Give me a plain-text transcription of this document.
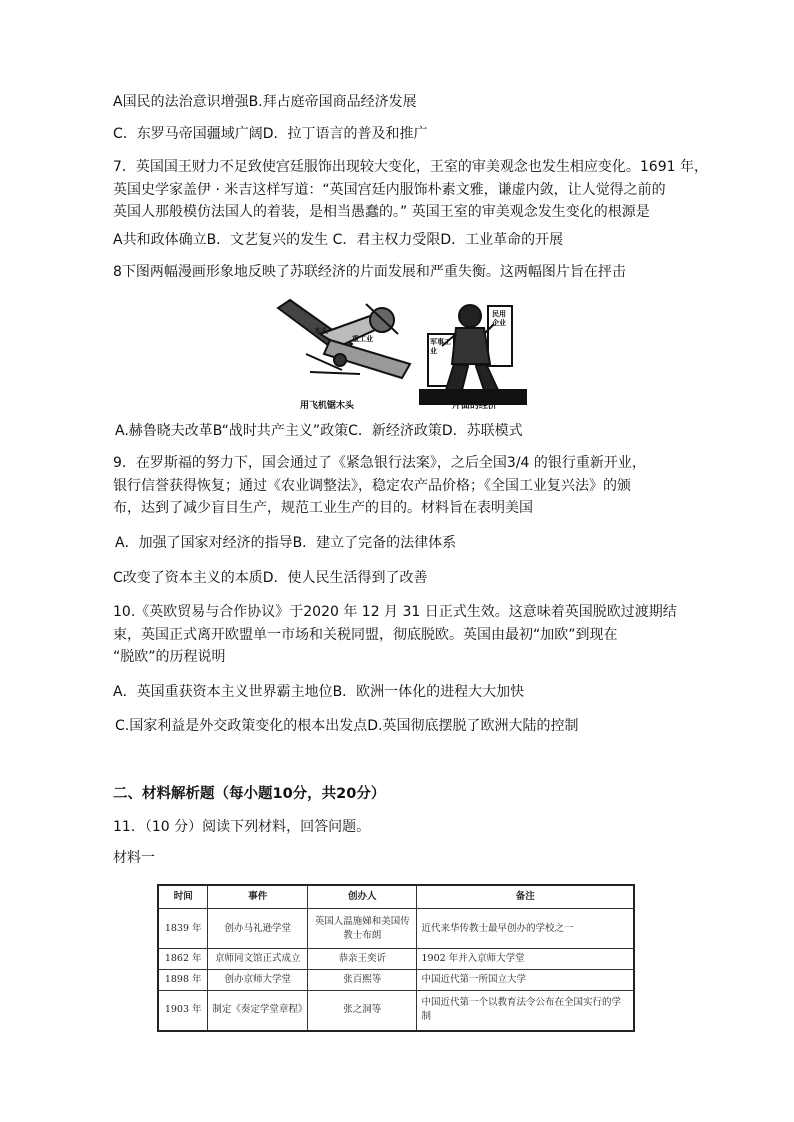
A国民的法治意识增强B.拜占庭帝国商品经济发展
C．东罗马帝国疆域广阔D．拉丁语言的普及和推广
7．英国国王财力不足致使宫廷服饰出现较大变化，王室的审美观念也发生相应变化。1691 年，
英国史学家盖伊 · 米吉这样写道：“英国宫廷内服饰朴素文雅，谦虚内敛，让人觉得之前的
英国人那般模仿法国人的着装，是相当愚蠢的。” 英国王室的审美观念发生变化的根源是
A共和政体确立B．文艺复兴的发生 C．君主权力受限D．工业革命的开展
8下图两幅漫画形象地反映了苏联经济的片面发展和严重失衡。这两幅图片旨在抨击
用飞机锯木头	片面的经济
木头
重工业	军事工业
民用企业
A.赫鲁晓夫改革B“战时共产主义”政策C．新经济政策D．苏联模式
9．在罗斯福的努力下，国会通过了《紧急银行法案》，之后全国3/4 的银行重新开业，
银行信誉获得恢复；通过《农业调整法》，稳定农产品价格；《全国工业复兴法》的颁
布，达到了减少盲目生产，规范工业生产的目的。材料旨在表明美国
A．加强了国家对经济的指导B．建立了完备的法律体系
C改变了资本主义的本质D．使人民生活得到了改善
10.《英欧贸易与合作协议》于2020 年 12 月 31 日正式生效。这意味着英国脱欧过渡期结
束，英国正式离开欧盟单一市场和关税同盟，彻底脱欧。英国由最初“加欧”到现在
“脱欧”的历程说明
A．英国重获资本主义世界霸主地位B．欧洲一体化的进程大大加快
C.国家利益是外交政策变化的根本出发点D.英国彻底摆脱了欧洲大陆的控制
二、材料解析题（每小题10分，共20分）
11．（10 分）阅读下列材料，回答问题。
材料一
时间	事件	创办人	备注
1839 年	创办马礼逊学堂	英国人温施娣和美国传教士布朗	近代来华传教士最早创办的学校之一
1862 年	京师同文馆正式成立	恭亲王奕䜣	1902 年并入京师大学堂
1898 年	创办京师大学堂	张百熙等	中国近代第一所国立大学
1903 年	制定《奏定学堂章程》	张之洞等	中国近代第一个以教育法令公布在全国实行的学制
